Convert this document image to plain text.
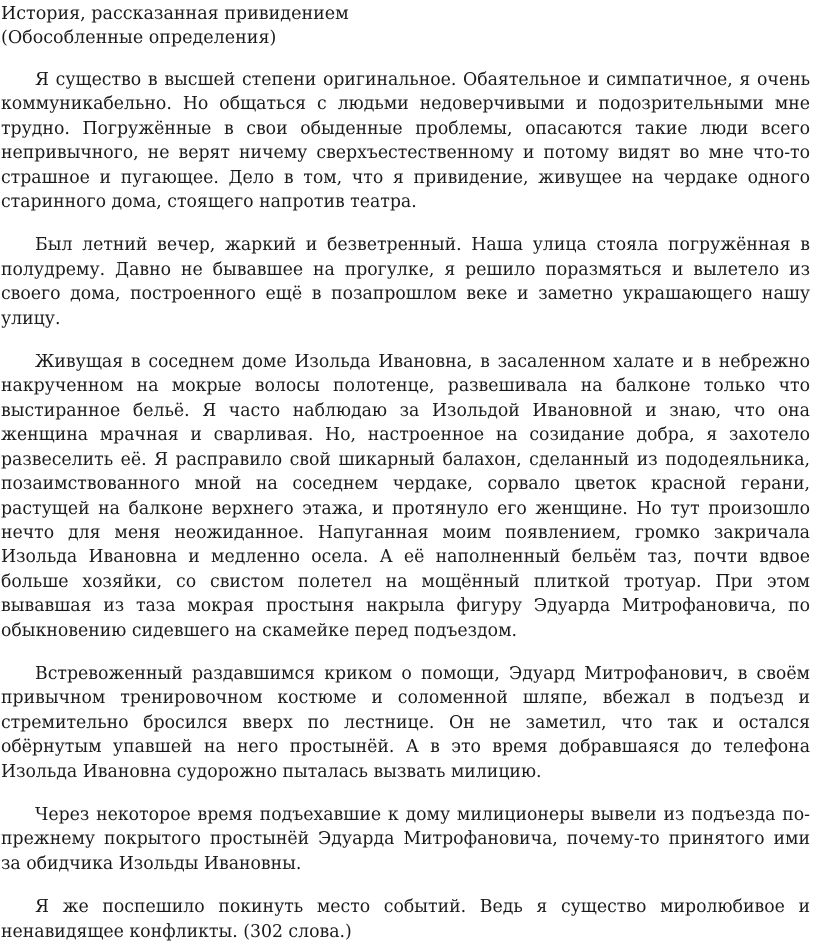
История, рассказанная привидением
(Обособленные определения)

Я существо в высшей степени оригинальное. Обаятельное и симпатичное, я очень коммуникабельно. Но общаться с людьми недоверчивыми и подозрительными мне трудно. Погружённые в свои обыденные проблемы, опасаются такие люди всего непривычного, не верят ничему сверхъестественному и потому видят во мне что-то страшное и пугающее. Дело в том, что я привидение, живущее на чердаке одного старинного дома, стоящего напротив театра.

Был летний вечер, жаркий и безветренный. Наша улица стояла погружённая в полудрему. Давно не бывавшее на прогулке, я решило поразмяться и вылетело из своего дома, построенного ещё в позапрошлом веке и заметно украшающего нашу улицу.

Живущая в соседнем доме Изольда Ивановна, в засаленном халате и в небрежно накрученном на мокрые волосы полотенце, развешивала на балконе только что выстиранное бельё. Я часто наблюдаю за Изольдой Ивановной и знаю, что она женщина мрачная и сварливая. Но, настроенное на созидание добра, я захотело развеселить её. Я расправило свой шикарный балахон, сделанный из пододеяльника, позаимствованного мной на соседнем чердаке, сорвало цветок красной герани, растущей на балконе верхнего этажа, и протянуло его женщине. Но тут произошло нечто для меня неожиданное. Напуганная моим появлением, громко закричала Изольда Ивановна и медленно осела. А её наполненный бельём таз, почти вдвое больше хозяйки, со свистом полетел на мощённый плиткой тротуар. При этом вывавшая из таза мокрая простыня накрыла фигуру Эдуарда Митрофановича, по обыкновению сидевшего на скамейке перед подъездом.

Встревоженный раздавшимся криком о помощи, Эдуард Митрофанович, в своём привычном тренировочном костюме и соломенной шляпе, вбежал в подъезд и стремительно бросился вверх по лестнице. Он не заметил, что так и остался обёрнутым упавшей на него простынёй. А в это время добравшаяся до телефона Изольда Ивановна судорожно пыталась вызвать милицию.

Через некоторое время подъехавшие к дому милиционеры вывели из подъезда попрежнему покрытого простынёй Эдуарда Митрофановича, почему-то принятого ими за обидчика Изольды Ивановны.

Я же поспешило покинуть место событий. Ведь я существо миролюбивое и ненавидящее конфликты. (302 слова.)
